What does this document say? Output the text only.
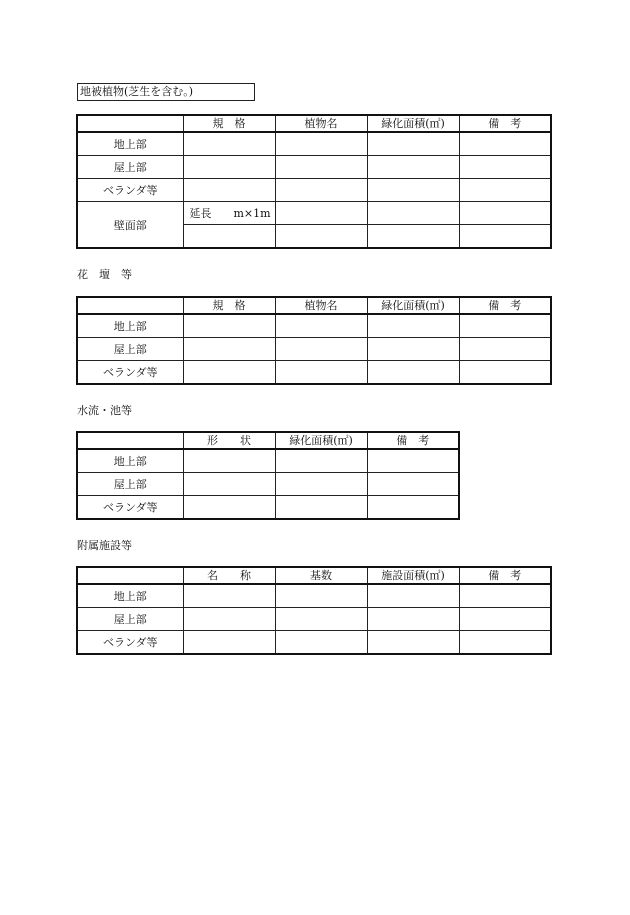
地被植物(芝生を含む。)
	規　格	植物名	緑化面積(㎡)	備　考
地上部				
屋上部				
ベランダ等				
壁面部	延長　　m×1m			

花　壇　等
	規　格	植物名	緑化面積(㎡)	備　考
地上部				
屋上部				
ベランダ等				
水流・池等
	形　　状	緑化面積(㎡)	備　考
地上部			
屋上部			
ベランダ等			
附属施設等
	名　　称	基数	施設面積(㎡)	備　考
地上部				
屋上部				
ベランダ等				
